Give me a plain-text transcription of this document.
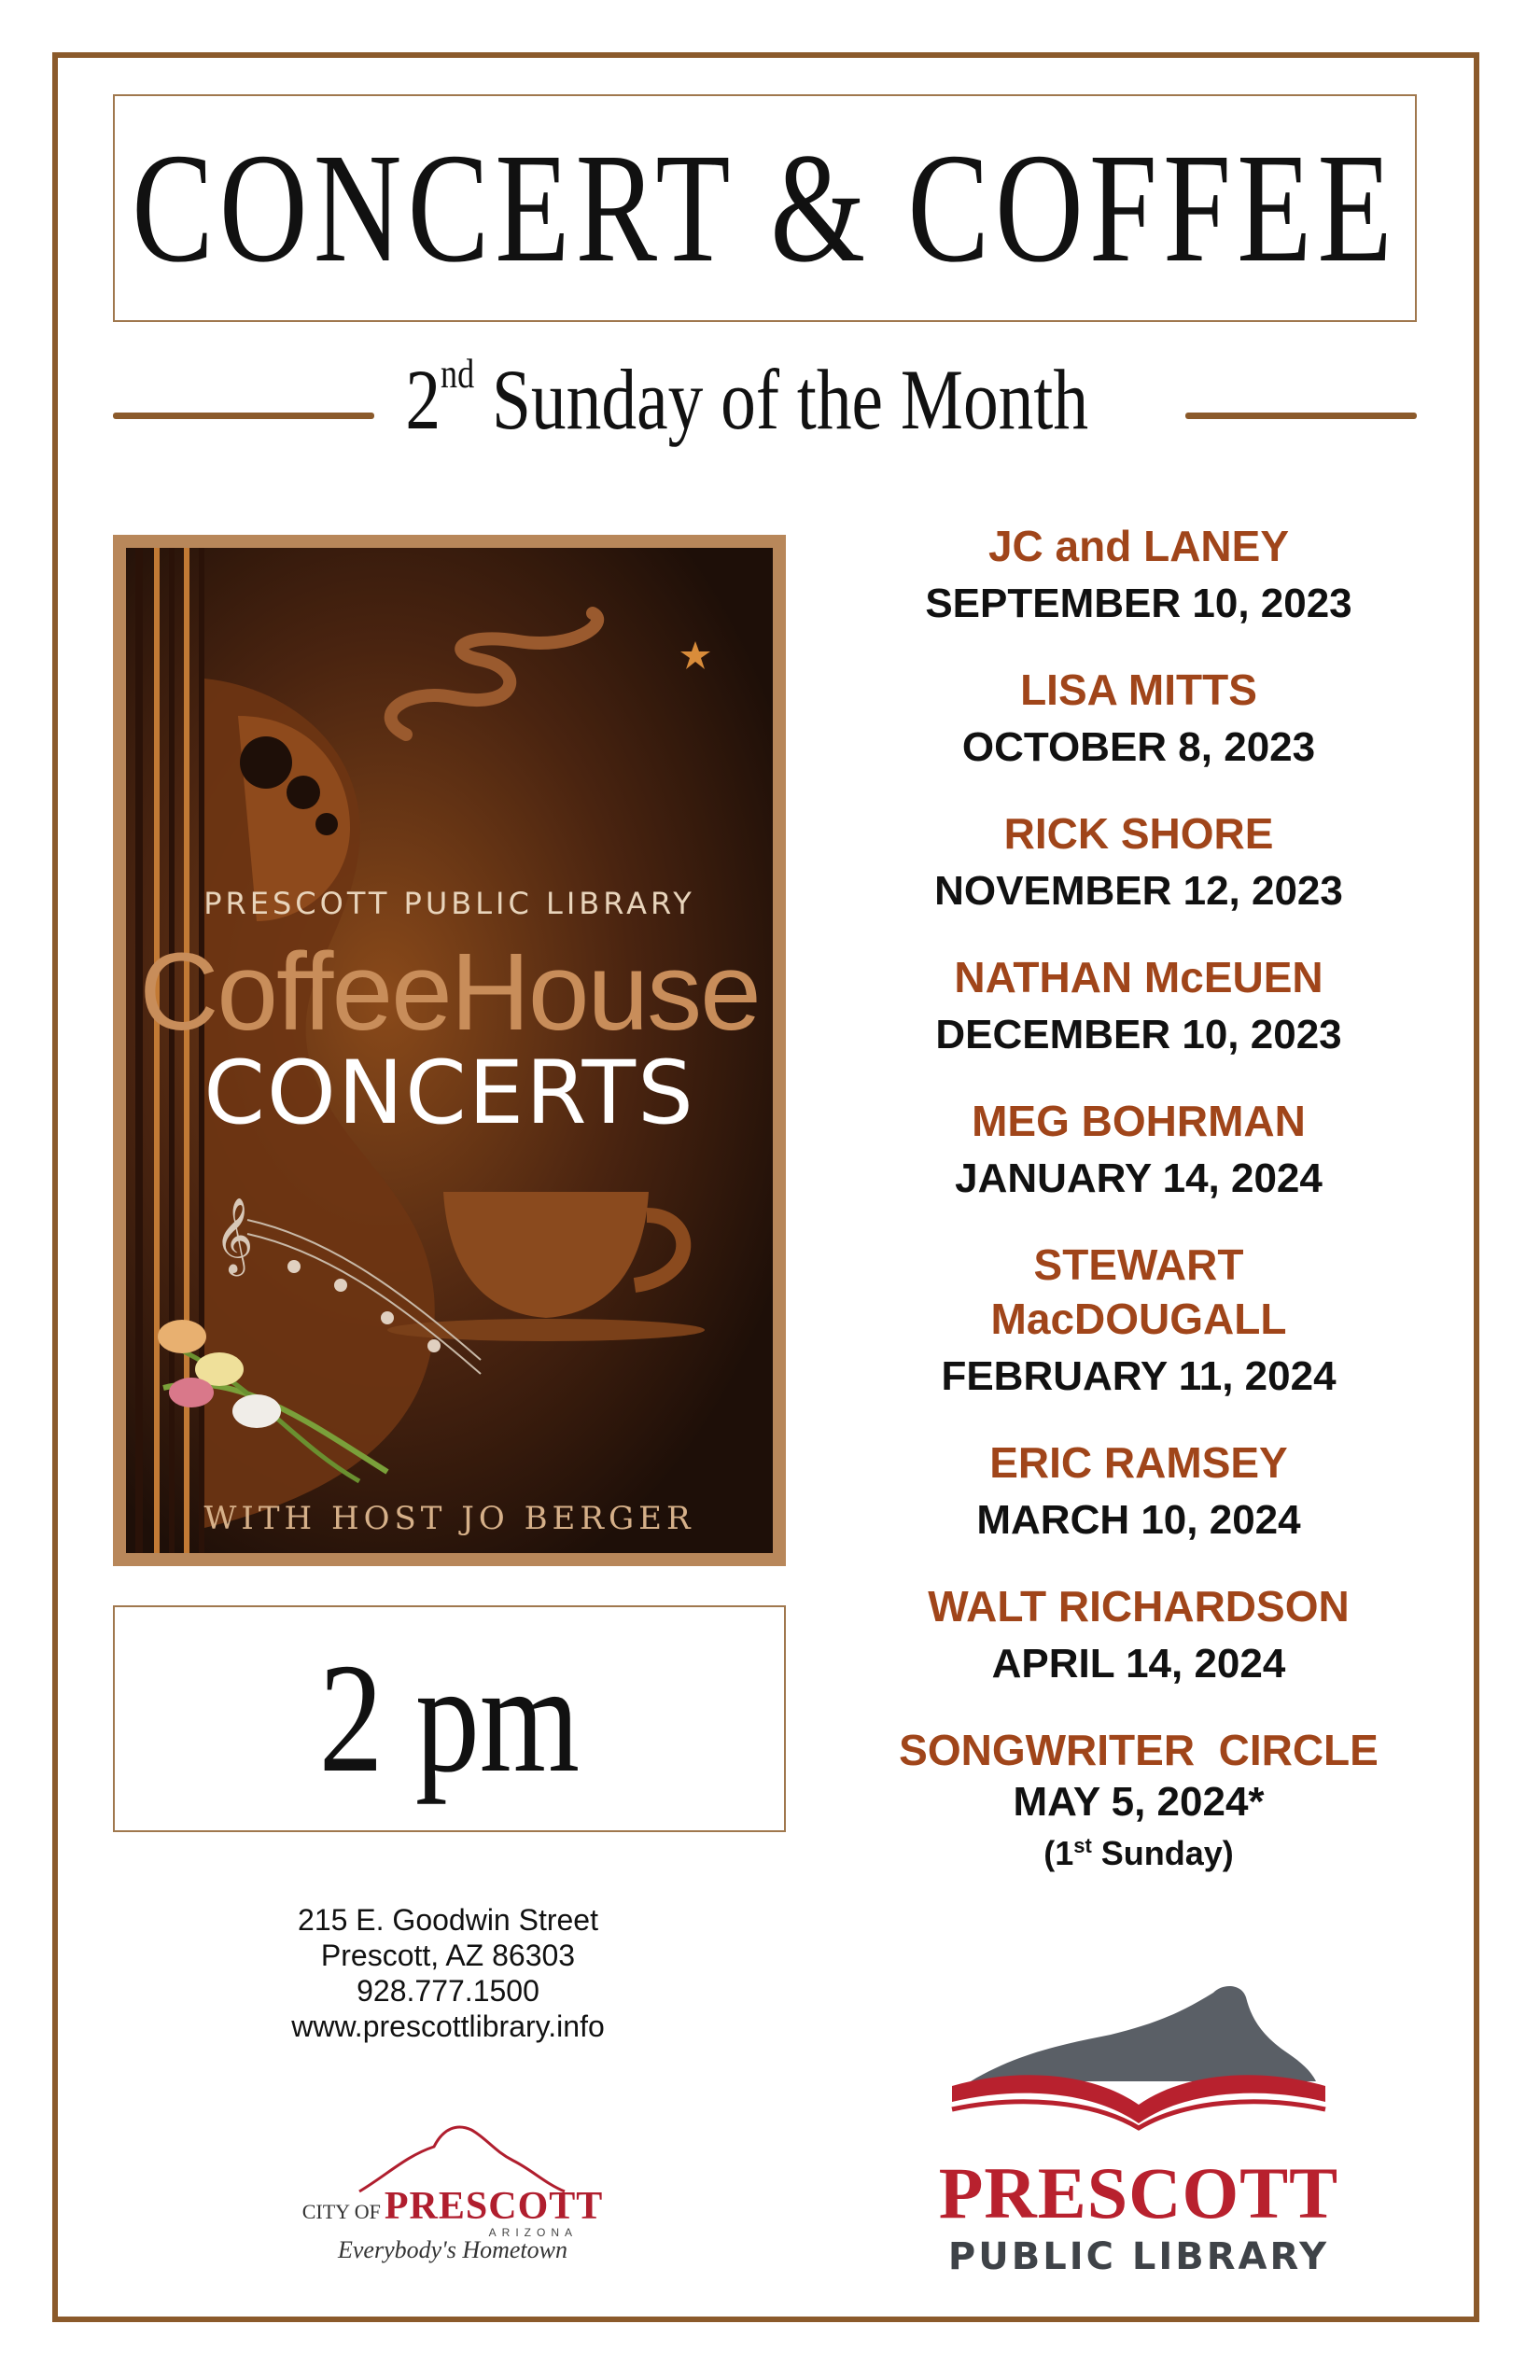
CONCERT & COFFEE
2nd Sunday of the Month
𝄞
PRESCOTT PUBLIC LIBRARY
CoffeeHouse
CONCERTS
WITH HOST JO BERGER
2 pm
215 E. Goodwin Street
Prescott, AZ 86303
928.777.1500
www.prescottlibrary.info
JC and LANEY
SEPTEMBER 10, 2023
LISA MITTS
OCTOBER 8, 2023
RICK SHORE
NOVEMBER 12, 2023
NATHAN McEUEN
DECEMBER 10, 2023
MEG BOHRMAN
JANUARY 14, 2024
STEWART MacDOUGALL
FEBRUARY 11, 2024
ERIC RAMSEY
MARCH 10, 2024
WALT RICHARDSON
APRIL 14, 2024
SONGWRITER  CIRCLE
MAY 5, 2024*
(1st Sunday)
CITY OF PRESCOTT
ARIZONA
Everybody's Hometown
PRESCOTT
PUBLIC LIBRARY
